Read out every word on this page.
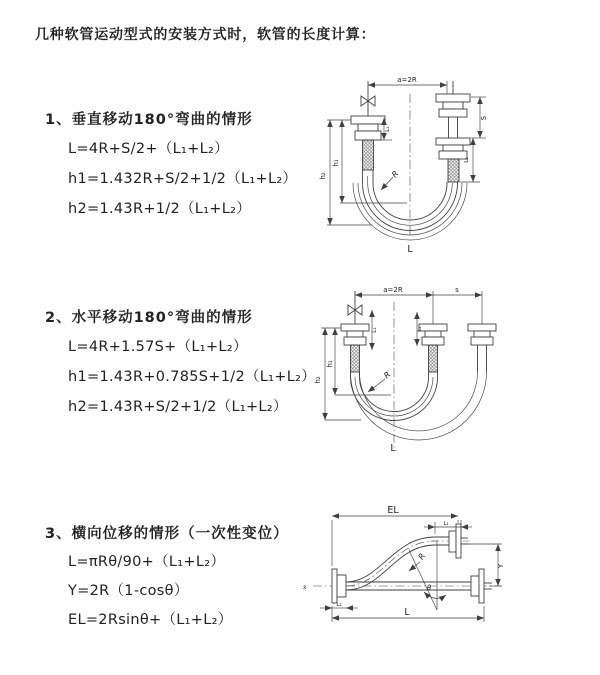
几种软管运动型式的安装方式时，软管的长度计算：
1、垂直移动180°弯曲的情形
L=4R+S/2+（L₁+L₂）
h1=1.432R+S/2+1/2（L₁+L₂）
h2=1.43R+1/2（L₁+L₂）
2、水平移动180°弯曲的情形
L=4R+1.57S+（L₁+L₂）
h1=1.43R+0.785S+1/2（L₁+L₂）
h2=1.43R+S/2+1/2（L₁+L₂）
3、横向位移的情形（一次性变位）
L=πRθ/90+（L₁+L₂）
Y=2R（1-cosθ）
EL=2Rsinθ+（L₁+L₂）
a=2R
R
L
h₁
h₂
L₁
S
L₂
a=2R	s
h₁
h₂
L₁	L₂
R
L
x̄
EL
L₁
Y
R
θ
L
L₂
